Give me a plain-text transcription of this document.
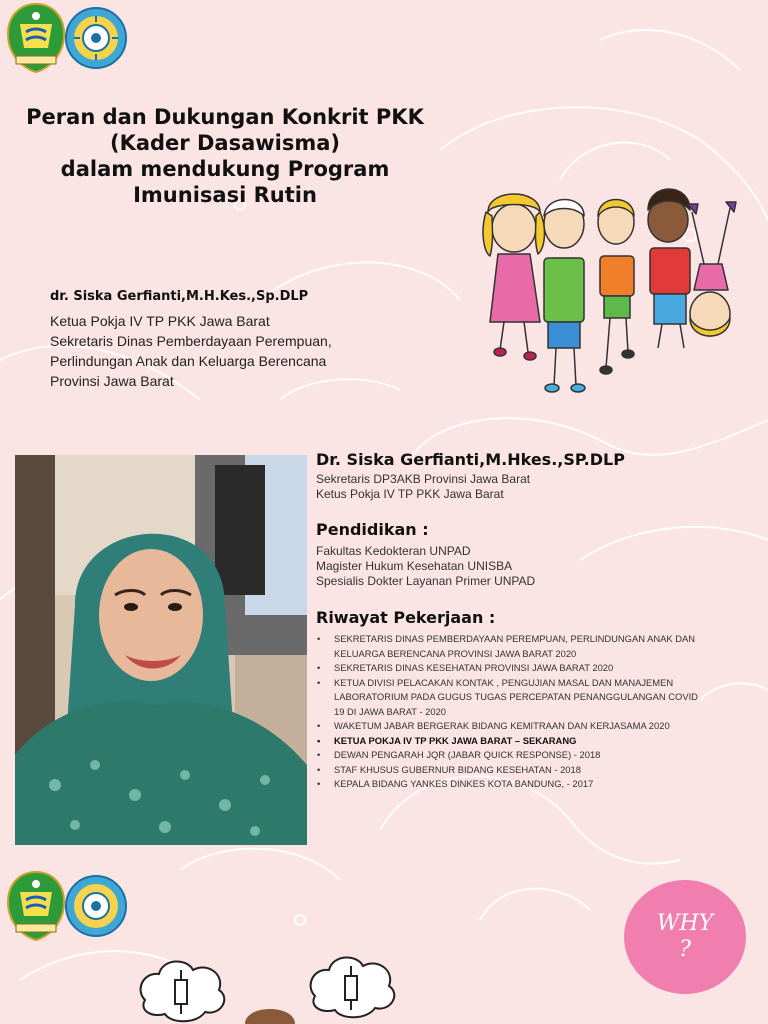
Peran dan Dukungan Konkrit PKK
(Kader Dasawisma)
dalam mendukung Program
Imunisasi Rutin
dr. Siska Gerfianti,M.H.Kes.,Sp.DLP
Ketua Pokja IV TP PKK Jawa Barat
Sekretaris Dinas Pemberdayaan Perempuan,
Perlindungan Anak dan Keluarga Berencana
Provinsi Jawa Barat
Dr. Siska Gerfianti,M.Hkes.,SP.DLP
Sekretaris DP3AKB Provinsi Jawa Barat
Ketus Pokja IV TP PKK Jawa Barat
Pendidikan :
Fakultas Kedokteran UNPAD
Magister Hukum Kesehatan UNISBA
Spesialis Dokter Layanan Primer UNPAD
Riwayat Pekerjaan :
• SEKRETARIS DINAS PEMBERDAYAAN PEREMPUAN, PERLINDUNGAN ANAK DAN KELUARGA BERENCANA PROVINSI JAWA BARAT 2020
• SEKRETARIS DINAS KESEHATAN PROVINSI JAWA BARAT 2020
• KETUA DIVISI PELACAKAN KONTAK , PENGUJIAN MASAL DAN MANAJEMEN LABORATORIUM PADA GUGUS TUGAS PERCEPATAN PENANGGULANGAN COVID 19 DI JAWA BARAT - 2020
• WAKETUM JABAR BERGERAK BIDANG KEMITRAAN DAN KERJASAMA 2020
• KETUA POKJA IV TP PKK JAWA BARAT – SEKARANG
• DEWAN PENGARAH JQR (JABAR QUICK RESPONSE) - 2018
• STAF KHUSUS GUBERNUR BIDANG KESEHATAN - 2018
• KEPALA BIDANG YANKES DINKES KOTA BANDUNG, - 2017
WHY
?
